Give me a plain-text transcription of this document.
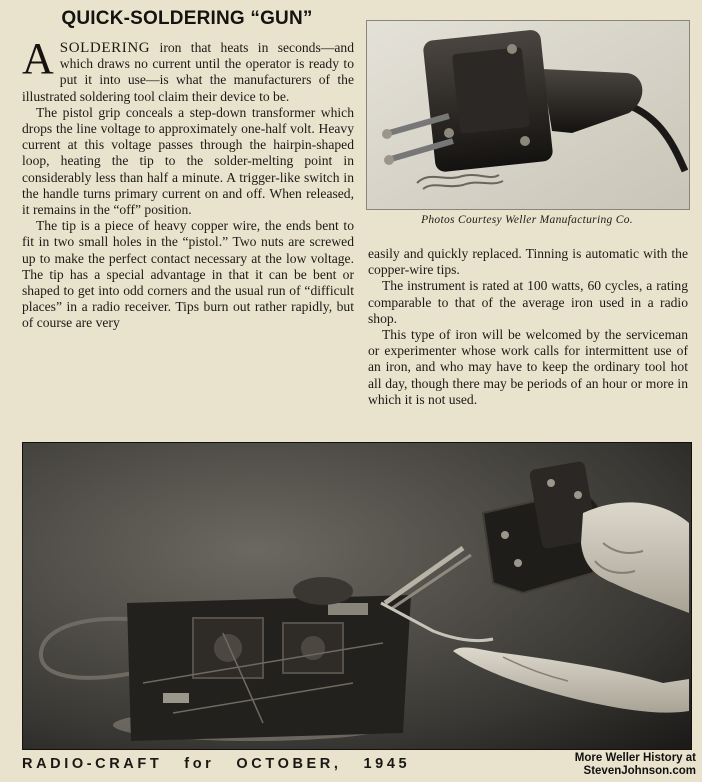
QUICK-SOLDERING “GUN”

ASOLDERING iron that heats in seconds—and which draws no current until the operator is ready to put it into use—is what the manufacturers of the illustrated soldering tool claim their device to be.

The pistol grip conceals a step-down transformer which drops the line voltage to approximately one-half volt. Heavy current at this voltage passes through the hairpin-shaped loop, heating the tip to the solder-melting point in considerably less than half a minute. A trigger-like switch in the handle turns primary current on and off. When released, it remains in the “off” position.

The tip is a piece of heavy copper wire, the ends bent to fit in two small holes in the “pistol.” Two nuts are screwed up to make the perfect contact necessary at the low voltage. The tip has a special advantage in that it can be bent or shaped to get into odd corners and the usual run of “difficult places” in a radio receiver. Tips burn out rather rapidly, but of course are very

Photos Courtesy Weller Manufacturing Co.

easily and quickly replaced. Tinning is automatic with the copper-wire tips.

The instrument is rated at 100 watts, 60 cycles, a rating comparable to that of the average iron used in a radio shop.

This type of iron will be welcomed by the serviceman or experimenter whose work calls for intermittent use of an iron, and who may have to keep the ordinary tool hot all day, though there may be periods of an hour or more in which it is not used.

RADIO-CRAFT for OCTOBER, 1945	More Weller History at
StevenJohnson.com
